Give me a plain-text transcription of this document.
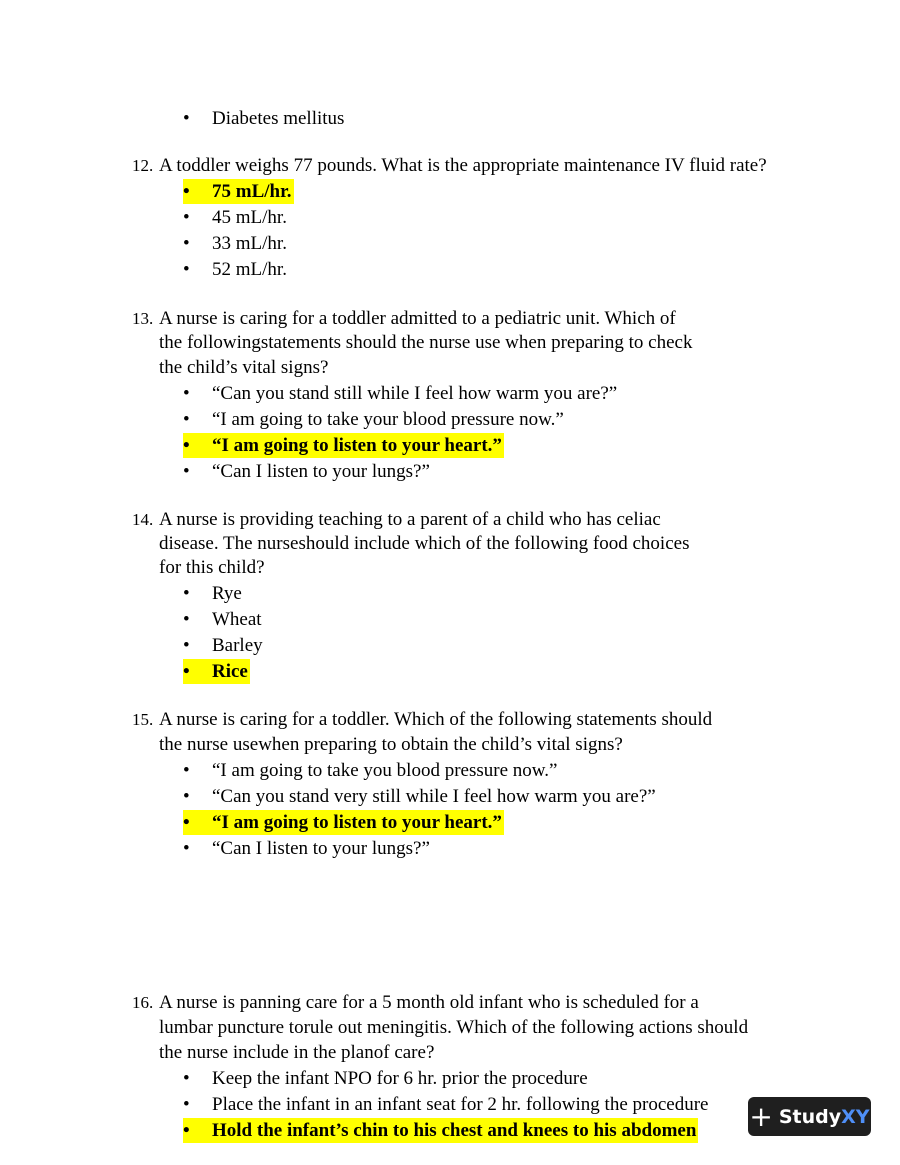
• Diabetes mellitus
12. A toddler weighs 77 pounds. What is the appropriate maintenance IV fluid rate?
• 75 mL/hr.
• 45 mL/hr.
• 33 mL/hr.
• 52 mL/hr.
13. A nurse is caring for a toddler admitted to a pediatric unit. Which of
the followingstatements should the nurse use when preparing to check
the child’s vital signs?
• “Can you stand still while I feel how warm you are?”
• “I am going to take your blood pressure now.”
• “I am going to listen to your heart.”
• “Can I listen to your lungs?”
14. A nurse is providing teaching to a parent of a child who has celiac
disease. The nurseshould include which of the following food choices
for this child?
• Rye
• Wheat
• Barley
• Rice
15. A nurse is caring for a toddler. Which of the following statements should
the nurse usewhen preparing to obtain the child’s vital signs?
• “I am going to take you blood pressure now.”
• “Can you stand very still while I feel how warm you are?”
• “I am going to listen to your heart.”
• “Can I listen to your lungs?”
16. A nurse is panning care for a 5 month old infant who is scheduled for a
lumbar puncture torule out meningitis. Which of the following actions should
the nurse include in the planof care?
• Keep the infant NPO for 6 hr. prior the procedure
• Place the infant in an infant seat for 2 hr. following the procedure
• Hold the infant’s chin to his chest and knees to his abdomen + Study XY
